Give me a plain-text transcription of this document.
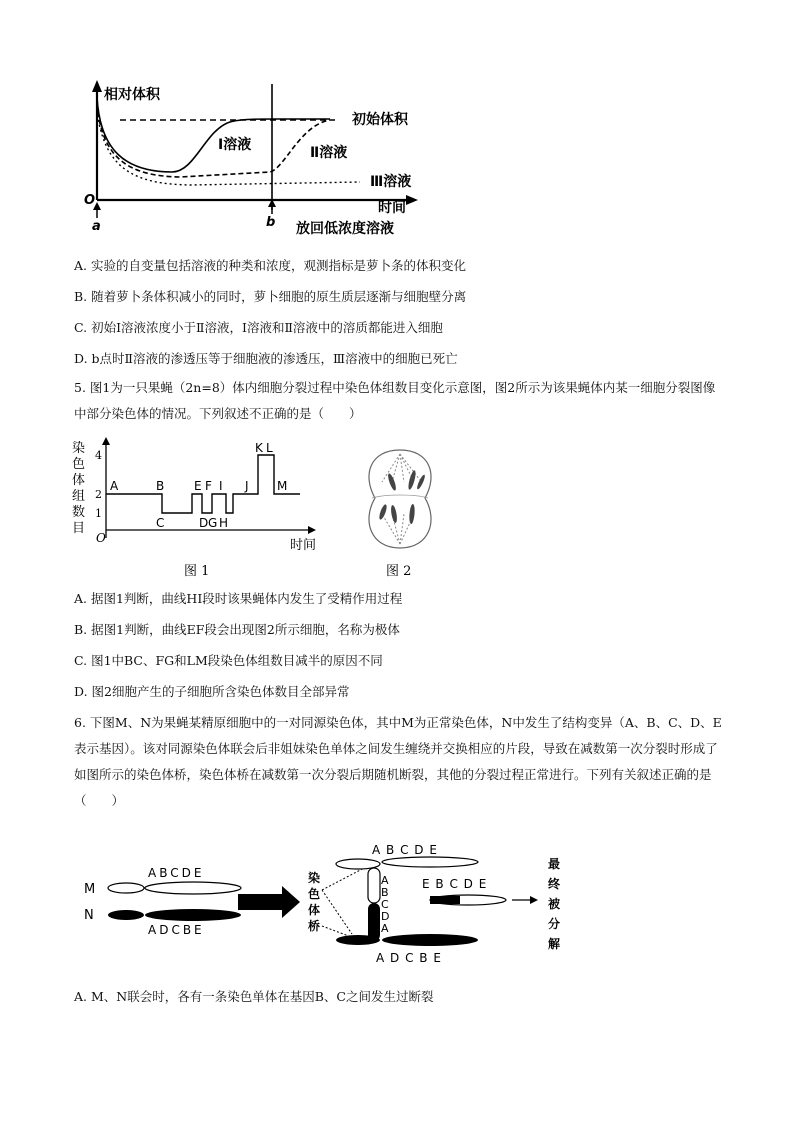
相对体积
O
a	b
初始体积
Ⅰ溶液	Ⅱ溶液
Ⅲ溶液
时间
放回低浓度溶液
A. 实验的自变量包括溶液的种类和浓度，观测指标是萝卜条的体积变化
B. 随着萝卜条体积减小的同时，萝卜细胞的原生质层逐渐与细胞壁分离
C. 初始Ⅰ溶液浓度小于Ⅱ溶液，Ⅰ溶液和Ⅱ溶液中的溶质都能进入细胞
D. b点时Ⅱ溶液的渗透压等于细胞液的渗透压，Ⅲ溶液中的细胞已死亡
5. 图1为一只果蝇（2n=8）体内细胞分裂过程中染色体组数目变化示意图，图2所示为该果蝇体内某一细胞分裂图像中部分染色体的情况。下列叙述不正确的是（　　）
4
2
1
染色体组数目
A	B
C	D
E F
G H
I J
K L
M
O	时间
图 1	图 2
A. 据图1判断，曲线HI段时该果蝇体内发生了受精作用过程
B. 据图1判断，曲线EF段会出现图2所示细胞，名称为极体
C. 图1中BC、FG和LM段染色体组数目减半的原因不同
D. 图2细胞产生的子细胞所含染色体数目全部异常
6. 下图M、N为果蝇某精原细胞中的一对同源染色体，其中M为正常染色体，N中发生了结构变异（A、B、C、D、E表示基因）。该对同源染色体联会后非姐妹染色单体之间发生缠绕并交换相应的片段，导致在减数第一次分裂时形成了如图所示的染色体桥，染色体桥在减数第一次分裂后期随机断裂，其他的分裂过程正常进行。下列有关叙述正确的是（　　）
M
N
ABCDE
ADCBE
染色体桥
A B C D E
A B C D A
E B C D E
A D C B E
最终被分解
A. M、N联会时，各有一条染色单体在基因B、C之间发生过断裂
